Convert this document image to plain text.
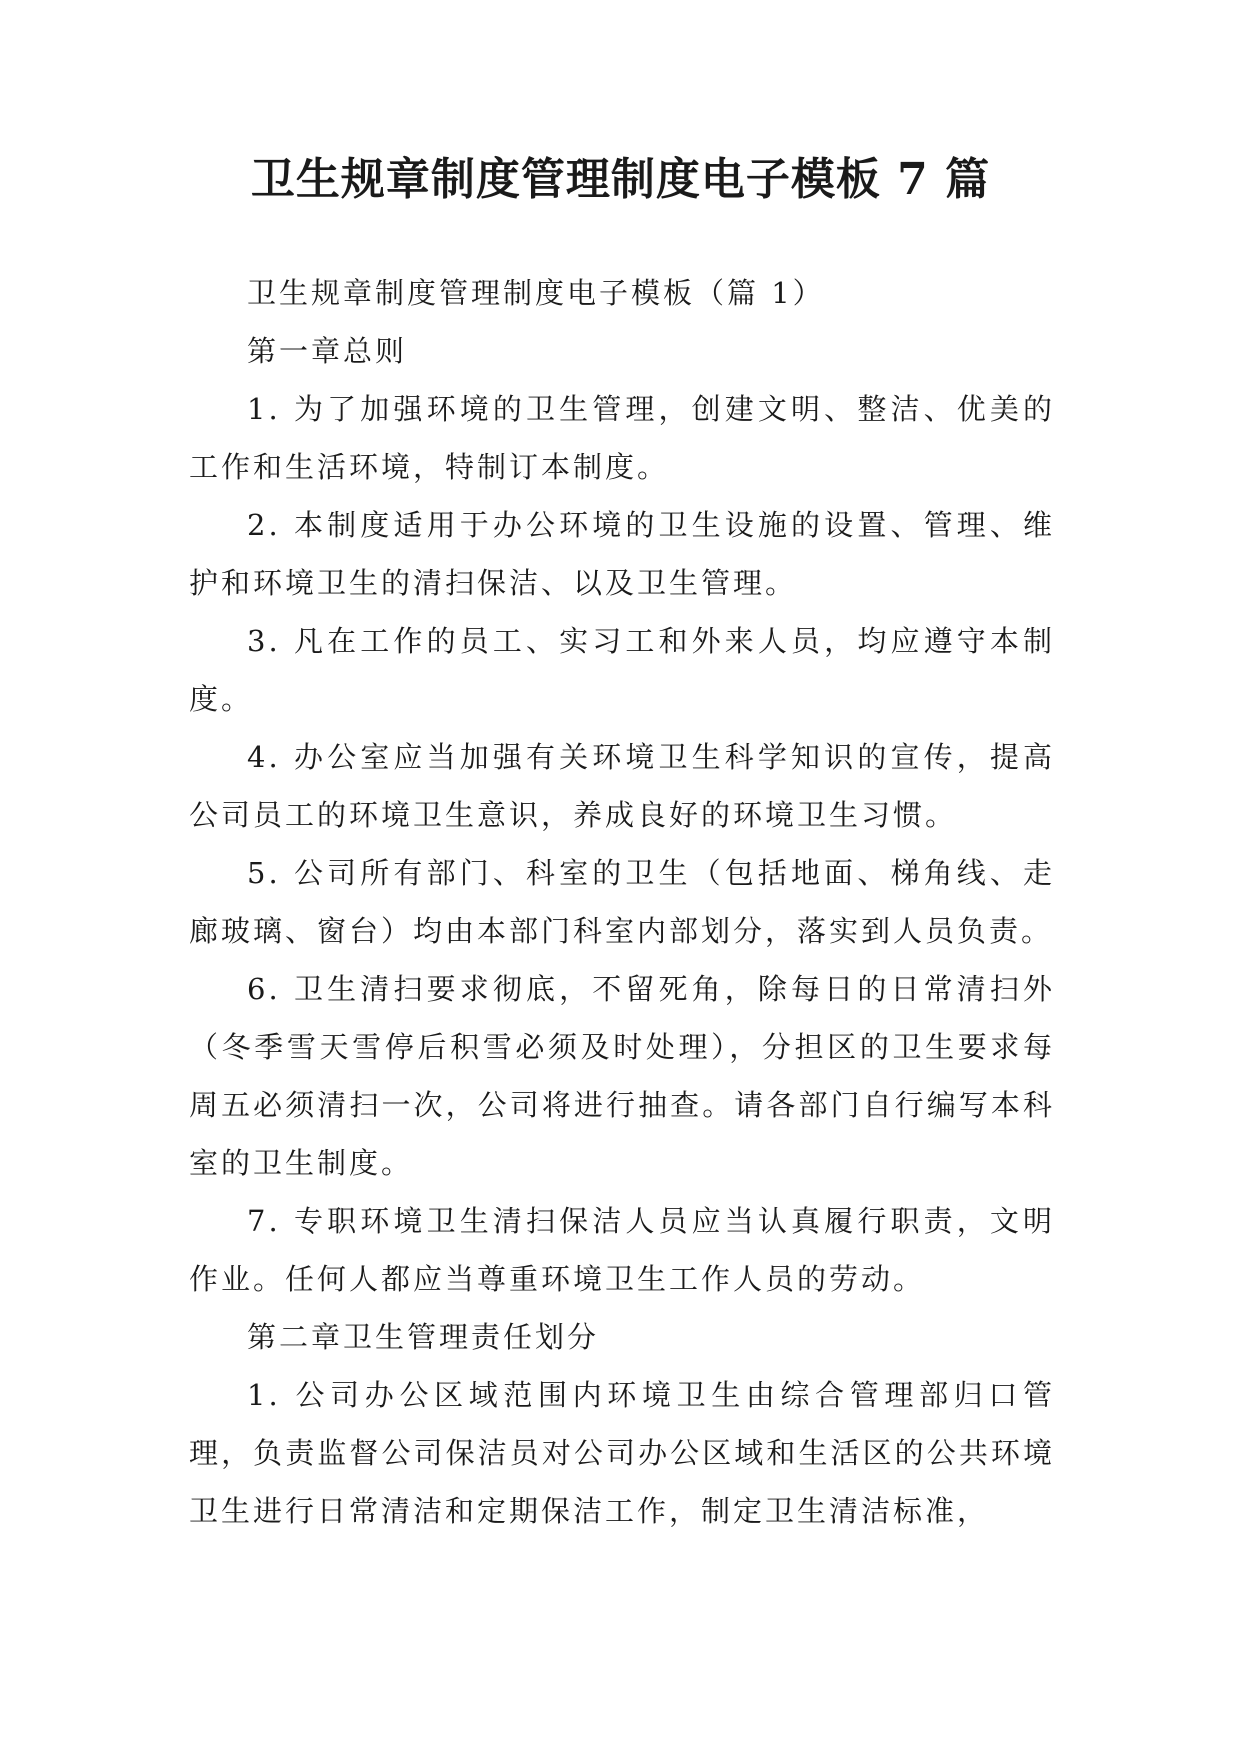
卫生规章制度管理制度电子模板 7 篇

卫生规章制度管理制度电子模板（篇 1）

第一章总则

1. 为了加强环境的卫生管理，创建文明、整洁、优美的工作和生活环境，特制订本制度。

2. 本制度适用于办公环境的卫生设施的设置、管理、维护和环境卫生的清扫保洁、以及卫生管理。

3. 凡在工作的员工、实习工和外来人员，均应遵守本制度。

4. 办公室应当加强有关环境卫生科学知识的宣传，提高公司员工的环境卫生意识，养成良好的环境卫生习惯。

5. 公司所有部门、科室的卫生（包括地面、梯角线、走廊玻璃、窗台）均由本部门科室内部划分，落实到人员负责。

6. 卫生清扫要求彻底，不留死角，除每日的日常清扫外（冬季雪天雪停后积雪必须及时处理），分担区的卫生要求每周五必须清扫一次，公司将进行抽查。请各部门自行编写本科室的卫生制度。

7. 专职环境卫生清扫保洁人员应当认真履行职责，文明作业。任何人都应当尊重环境卫生工作人员的劳动。

第二章卫生管理责任划分

1. 公司办公区域范围内环境卫生由综合管理部归口管理，负责监督公司保洁员对公司办公区域和生活区的公共环境卫生进行日常清洁和定期保洁工作，制定卫生清洁标准，
